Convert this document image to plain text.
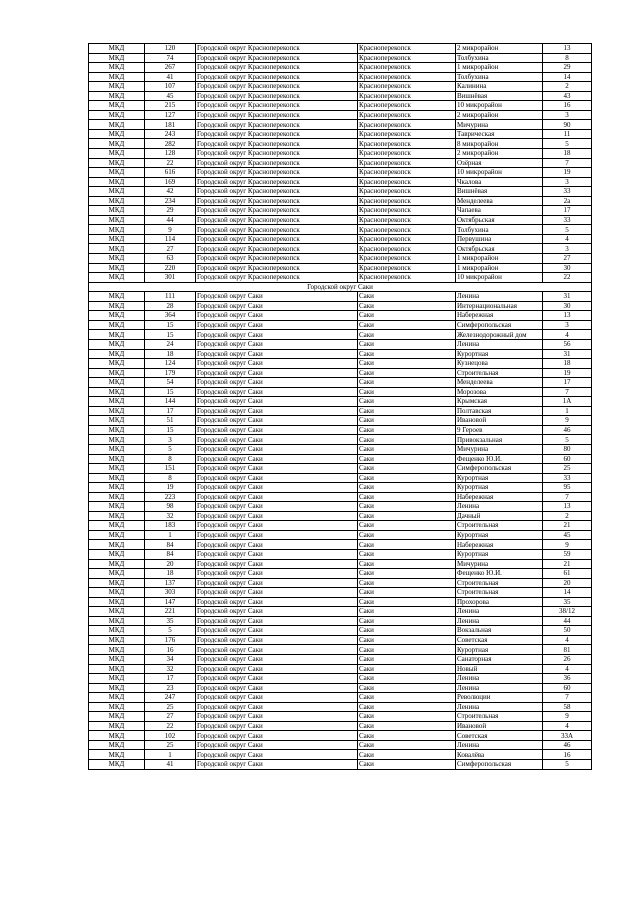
МКД	120	Городской округ Красноперекопск	Красноперекопск	2 микрорайон	13
МКД	74	Городской округ Красноперекопск	Красноперекопск	Толбухина	8
МКД	267	Городской округ Красноперекопск	Красноперекопск	1 микрорайон	29
МКД	41	Городской округ Красноперекопск	Красноперекопск	Толбухина	14
МКД	107	Городской округ Красноперекопск	Красноперекопск	Калинина	2
МКД	45	Городской округ Красноперекопск	Красноперекопск	Вишнёвая	43
МКД	215	Городской округ Красноперекопск	Красноперекопск	10 микрорайон	16
МКД	127	Городской округ Красноперекопск	Красноперекопск	2 микрорайон	3
МКД	181	Городской округ Красноперекопск	Красноперекопск	Мичурина	90
МКД	243	Городской округ Красноперекопск	Красноперекопск	Таврическая	11
МКД	282	Городской округ Красноперекопск	Красноперекопск	8 микрорайон	5
МКД	128	Городской округ Красноперекопск	Красноперекопск	2 микрорайон	18
МКД	22	Городской округ Красноперекопск	Красноперекопск	Озёрная	7
МКД	616	Городской округ Красноперекопск	Красноперекопск	10 микрорайон	19
МКД	169	Городской округ Красноперекопск	Красноперекопск	Чкалова	3
МКД	42	Городской округ Красноперекопск	Красноперекопск	Вишнёвая	33
МКД	234	Городской округ Красноперекопск	Красноперекопск	Менделеева	2а
МКД	29	Городской округ Красноперекопск	Красноперекопск	Чапаева	17
МКД	44	Городской округ Красноперекопск	Красноперекопск	Октябрьская	33
МКД	9	Городской округ Красноперекопск	Красноперекопск	Толбухина	5
МКД	114	Городской округ Красноперекопск	Красноперекопск	Первушина	4
МКД	27	Городской округ Красноперекопск	Красноперекопск	Октябрьская	3
МКД	63	Городской округ Красноперекопск	Красноперекопск	1 микрорайон	27
МКД	220	Городской округ Красноперекопск	Красноперекопск	1 микрорайон	30
МКД	301	Городской округ Красноперекопск	Красноперекопск	10 микрорайон	22
Городской округ Саки					
МКД	111	Городской округ Саки	Саки	Ленина	31
МКД	28	Городской округ Саки	Саки	Интернациональная	30
МКД	364	Городской округ Саки	Саки	Набережная	13
МКД	15	Городской округ Саки	Саки	Симферопольская	3
МКД	15	Городской округ Саки	Саки	Железнодорожный дом	4
МКД	24	Городской округ Саки	Саки	Ленина	56
МКД	18	Городской округ Саки	Саки	Курортная	31
МКД	124	Городской округ Саки	Саки	Кузнецова	18
МКД	179	Городской округ Саки	Саки	Строительная	19
МКД	54	Городской округ Саки	Саки	Менделеева	17
МКД	15	Городской округ Саки	Саки	Морозова	7
МКД	144	Городской округ Саки	Саки	Крымская	1А
МКД	17	Городской округ Саки	Саки	Полтавская	1
МКД	51	Городской округ Саки	Саки	Ивановой	9
МКД	15	Городской округ Саки	Саки	9 Героев	46
МКД	3	Городской округ Саки	Саки	Привокзальная	5
МКД	5	Городской округ Саки	Саки	Мичурина	80
МКД	8	Городской округ Саки	Саки	Фещенко Ю.И.	60
МКД	151	Городской округ Саки	Саки	Симферопольская	25
МКД	8	Городской округ Саки	Саки	Курортная	33
МКД	19	Городской округ Саки	Саки	Курортная	95
МКД	223	Городской округ Саки	Саки	Набережная	7
МКД	98	Городской округ Саки	Саки	Ленина	13
МКД	32	Городской округ Саки	Саки	Дачный	2
МКД	183	Городской округ Саки	Саки	Строительная	21
МКД	1	Городской округ Саки	Саки	Курортная	45
МКД	84	Городской округ Саки	Саки	Набережная	9
МКД	84	Городской округ Саки	Саки	Курортная	59
МКД	20	Городской округ Саки	Саки	Мичурина	21
МКД	18	Городской округ Саки	Саки	Фещенко Ю.И.	61
МКД	137	Городской округ Саки	Саки	Строительная	20
МКД	303	Городской округ Саки	Саки	Строительная	14
МКД	147	Городской округ Саки	Саки	Прохорова	35
МКД	221	Городской округ Саки	Саки	Ленина	38/12
МКД	35	Городской округ Саки	Саки	Ленина	44
МКД	5	Городской округ Саки	Саки	Вокзальная	50
МКД	176	Городской округ Саки	Саки	Советская	4
МКД	16	Городской округ Саки	Саки	Курортная	81
МКД	34	Городской округ Саки	Саки	Санаторная	26
МКД	32	Городской округ Саки	Саки	Новый	4
МКД	17	Городской округ Саки	Саки	Ленина	36
МКД	23	Городской округ Саки	Саки	Ленина	60
МКД	247	Городской округ Саки	Саки	Революции	7
МКД	25	Городской округ Саки	Саки	Ленина	58
МКД	27	Городской округ Саки	Саки	Строительная	9
МКД	22	Городской округ Саки	Саки	Ивановой	4
МКД	102	Городской округ Саки	Саки	Советская	33А
МКД	25	Городской округ Саки	Саки	Ленина	46
МКД	1	Городской округ Саки	Саки	Ковалёва	16
МКД	41	Городской округ Саки	Саки	Симферопольская	5
